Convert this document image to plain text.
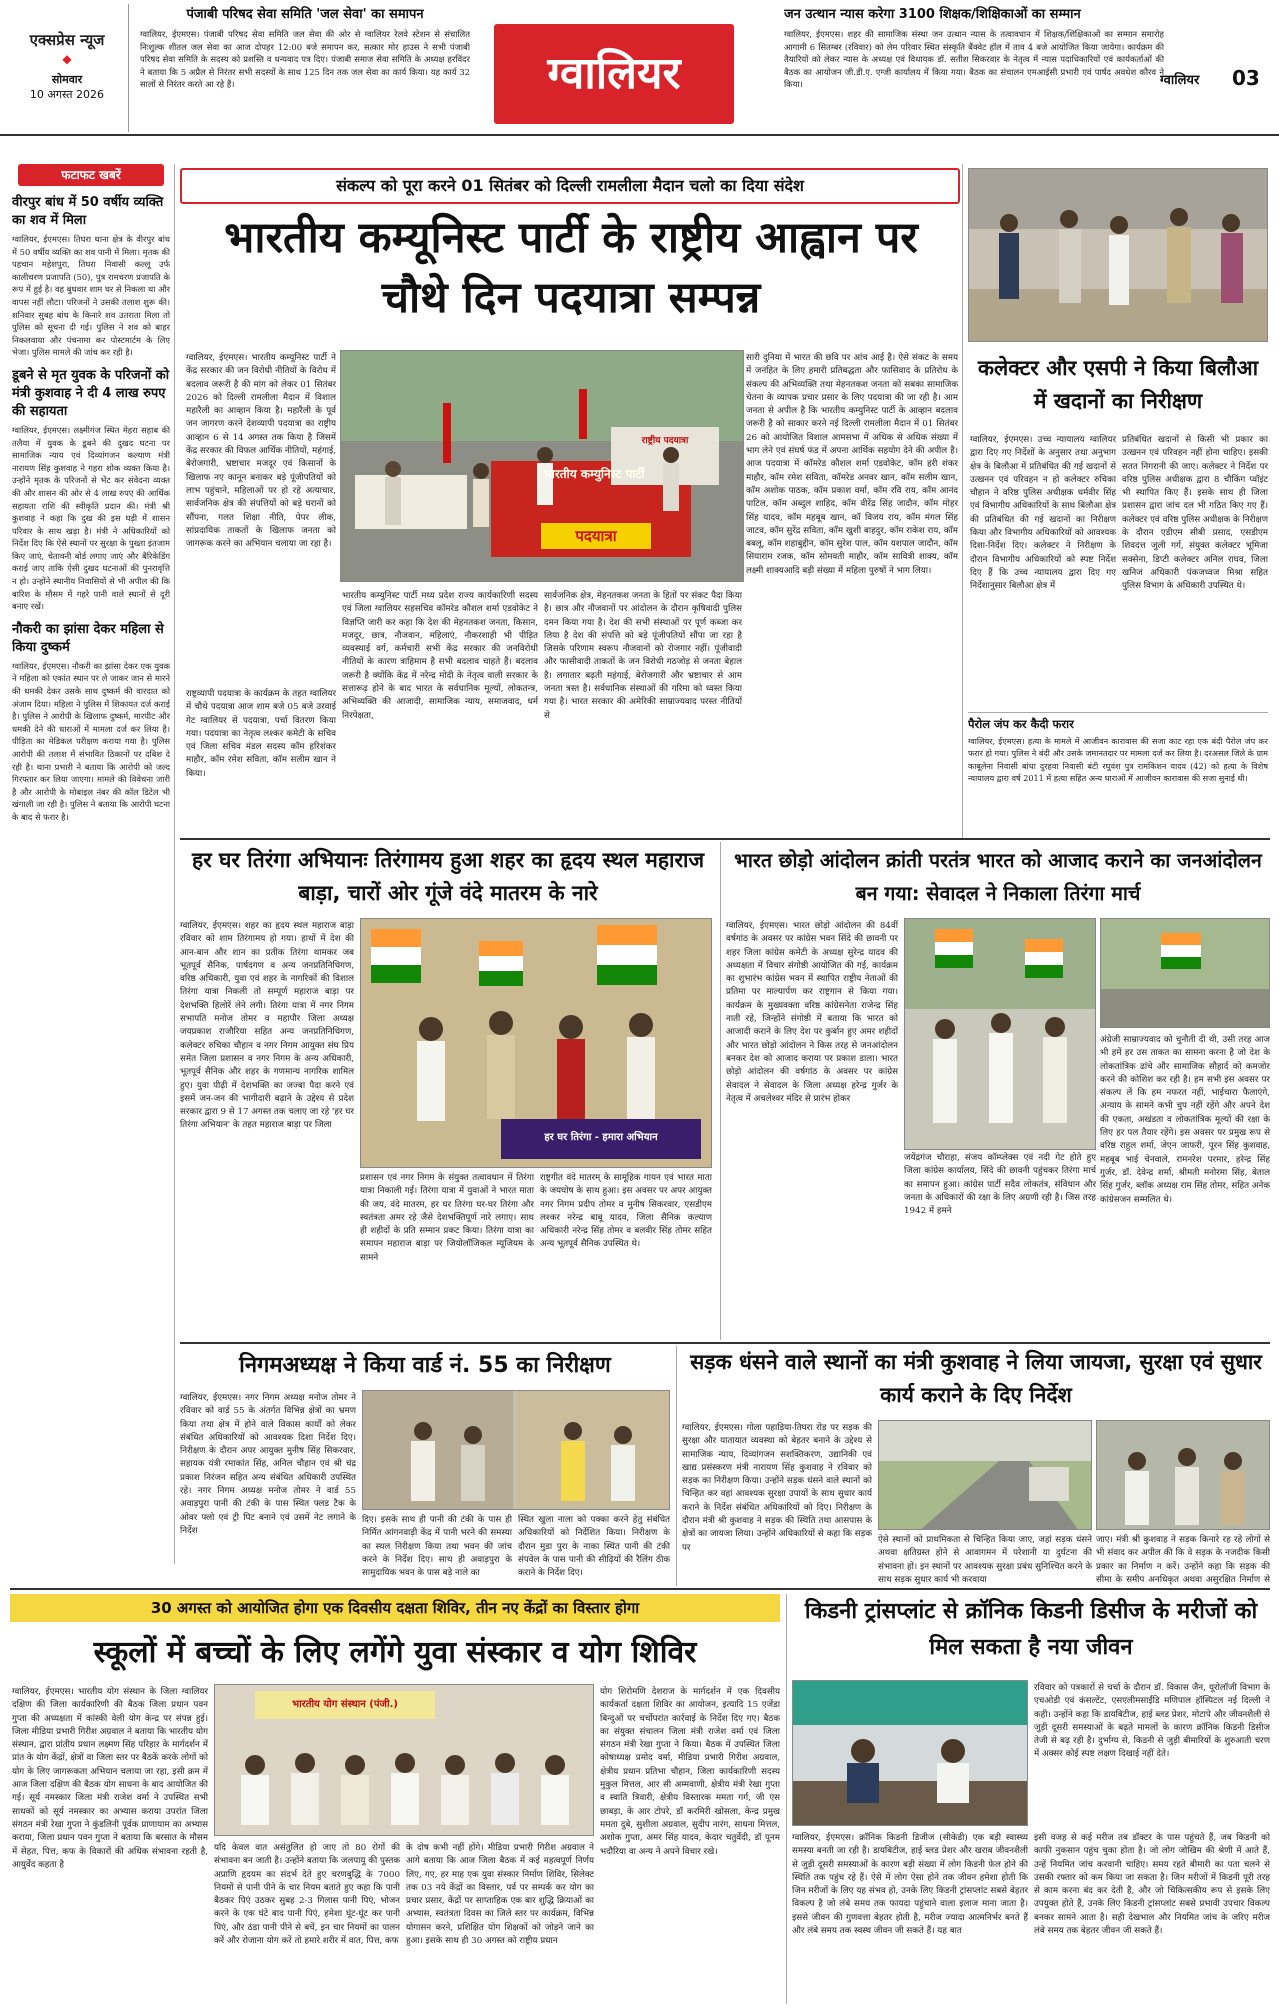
एक्सप्रेस न्यूज
◆
सोमवार
10 अगस्त 2026
पंजाबी परिषद सेवा समिति 'जल सेवा' का समापन
ग्वालियर, ईएमएस। पंजाबी परिषद सेवा समिति जल सेवा की ओर से ग्वालियर रेलवे स्टेशन से संचालित निःशुल्क शीतल जल सेवा का आज दोपहर 12:00 बजे समापन कर, सत्कार मोर हाउस ने सभी पंजाबी परिषद सेवा समिति के सदस्य को प्रशस्ति व धन्यवाद पत्र दिए। पंजाबी समाज सेवा समिति के अध्यक्ष हरविंदर ने बताया कि 5 अप्रैल से निरंतर सभी सदस्यों के साथ 125 दिन तक जल सेवा का कार्य किया। यह कार्य 32 सालों से निरंतर करते आ रहे हैं।	ग्वालियर
जन उत्थान न्यास करेगा 3100 शिक्षक/शिक्षिकाओं का सम्मान
ग्वालियर, ईएमएस। शहर की सामाजिक संस्था जन उत्थान न्यास के तत्वावधान में शिक्षक/शिक्षिकाओं का सम्मान समारोह आगामी 6 सितम्बर (रविवार) को लेम परिवार स्थित संस्कृति बैंक्वेट हॉल में ताव 4 बजे आयोजित किया जायेगा। कार्यक्रम की तैयारियों को लेकर न्यास के अध्यक्ष एवं विधायक डॉ. सतीश सिकरवार के नेतृत्व में न्यास पदाधिकारियों एवं कार्यकर्ताओं की बैठक का आयोजन जी.डी.ए. एग्जी कार्यालय में किया गया। बैठक का संचालन एमआईसी प्रभारी एवं पार्षद अवधेश कौरव ने किया।	ग्वालियर	03
फटाफट खबरें
वीरपुर बांध में 50 वर्षीय व्यक्ति का शव में मिला
ग्वालियर, ईएमएस। तिघरा थाना क्षेत्र के वीरपुर बांध में 50 वर्षीय व्यक्ति का शव पानी में मिला। मृतक की पहचान महेशपुरा, तिघरा निवासी कल्लू उर्फ कालीचरण प्रजापति (50), पुत्र रामचरण प्रजापति के रूप में हुई है। वह बुधवार शाम घर से निकला था और वापस नहीं लौटा। परिजनों ने उसकी तलाश शुरू की। शनिवार सुबह बांध के किनारे शव उतराता मिला तो पुलिस को सूचना दी गई। पुलिस ने शव को बाहर निकलवाया और पंचनामा कर पोस्टमार्टम के लिए भेजा। पुलिस मामले की जांच कर रही है।
डूबने से मृत युवक के परिजनों को मंत्री कुशवाह ने दी 4 लाख रुपए की सहायता
ग्वालियर, ईएमएस। लक्ष्मीगंज स्थित मेहरा सहाब की तलैया में युवक के डूबने की दुखद घटना पर सामाजिक न्याय एवं दिव्यांगजन कल्याण मंत्री नारायण सिंह कुशवाह ने गहरा शोक व्यक्त किया है। उन्होंने मृतक के परिजनों से भेंट कर संवेदना व्यक्त की और शासन की ओर से 4 लाख रुपए की आर्थिक सहायता राशि की स्वीकृति प्रदान की। मंत्री श्री कुशवाह ने कहा कि दुख की इस घड़ी में शासन परिवार के साथ खड़ा है। मंत्री ने अधिकारियों को निर्देश दिए कि ऐसे स्थानों पर सुरक्षा के पुख्ता इंतजाम किए जाएं, चेतावनी बोर्ड लगाए जाएं और बैरिकेडिंग कराई जाए ताकि ऐसी दुखद घटनाओं की पुनरावृत्ति न हो। उन्होंने स्थानीय निवासियों से भी अपील की कि बारिश के मौसम में गहरे पानी वाले स्थानों से दूरी बनाए रखें।
नौकरी का झांसा देकर महिला से किया दुष्कर्म
ग्वालियर, ईएमएस। नौकरी का झांसा देकर एक युवक ने महिला को एकांत स्थान पर ले जाकर जान से मारने की धमकी देकर उसके साथ दुष्कर्म की वारदात को अंजाम दिया। महिला ने पुलिस में शिकायत दर्ज कराई है। पुलिस ने आरोपी के खिलाफ दुष्कर्म, मारपीट और धमकी देने की धाराओं में मामला दर्ज कर लिया है। पीड़िता का मेडिकल परीक्षण कराया गया है। पुलिस आरोपी की तलाश में संभावित ठिकानों पर दबिश दे रही है। थाना प्रभारी ने बताया कि आरोपी को जल्द गिरफ्तार कर लिया जाएगा। मामले की विवेचना जारी है और आरोपी के मोबाइल नंबर की कॉल डिटेल भी खंगाली जा रही है। पुलिस ने बताया कि आरोपी घटना के बाद से फरार है।
संकल्प को पूरा करने 01 सितंबर को दिल्ली रामलीला मैदान चलो का दिया संदेश
भारतीय कम्यूनिस्ट पार्टी के राष्ट्रीय आह्वान पर चौथे दिन पदयात्रा सम्पन्न
ग्वालियर, ईएमएस। भारतीय कम्यूनिस्ट पार्टी ने केंद्र सरकार की जन विरोधी नीतियों के विरोध में बदलाव जरूरी है की मांग को लेकर 01 सितंबर 2026 को दिल्ली रामलीला मैदान में विशाल महारैली का आव्हान किया है। महारैली के पूर्व जन जागरण करने देशव्यापी पदयात्रा का राष्ट्रीय आव्हान 6 से 14 अगस्त तक किया है जिसमें केंद्र सरकार की विफल आर्थिक नीतियों, महंगाई, बेरोजगारी, भ्रष्टाचार मजदूर एवं किसानों के खिलाफ नए कानून बनाकर बड़े पूंजीपतियों को लाभ पहुंचाने, महिलाओं पर हो रहे अत्याचार, सार्वजनिक क्षेत्र की संपत्तियों को बड़े घरानों को सौंपना, गलत शिक्षा नीति, पेपर लीक, सांप्रदायिक ताकतों के खिलाफ जनता को जागरूक करने का अभियान चलाया जा रहा है।
भारतीय कम्युनिस्ट पार्टी
पदयात्रा
राष्ट्रीय पदयात्रा
सारी दुनिया में भारत की छवि पर आंच आई है। ऐसे संकट के समय में जनहित के लिए हमारी प्रतिबद्धता और फासिवाद के प्रतिरोध के संकल्प की अभिव्यक्ति तथा मेहनतकश जनता को सबका सामाजिक चेतना के व्यापक प्रचार प्रसार के लिए पदयात्रा की जा रही है। आम जनता से अपील है कि भारतीय कम्युनिस्ट पार्टी के आव्हान बदलाव जरूरी है को साकार करने नई दिल्ली रामलीला मैदान में 01 सितंबर 26 को आयोजित विशाल आमसभा में अधिक से अधिक संख्या में भाग लेने एवं संघर्ष फंड में अपना आर्थिक सहयोग देने की अपील है। आज पदयात्रा में कॉमरेड कौशल शर्मा एडवोकेट, कॉम हरी शंकर माहौर, कॉम रमेश सविता, कॉमरेड अनवर खान, कॉम सलीम खान, कॉम अशोक पाठक, कॉम प्रकाश वर्मा, कॉम रवि राय, कॉम आनंद पाटिल, कॉम अब्दुल शाहिद, कॉम वीरेंद्र सिंह जादौन, कॉम मोहर सिंह यादव, कॉम महबूब खान, कॉ विजय राय, कॉम मंगल सिंह जाटव, कॉम सुरेंद्र सविता, कॉम खुशी बाहदुर, कॉम राकेश राय, कॉम बबलू, कॉम शहाबुद्दीन, कॉम सुरेश पाल, कॉम यशपाल जादौन, कॉम सियाराम रजक, कॉम सोमवती माहौर, कॉम सावित्री शाक्य, कॉम लक्ष्मी शाक्यआदि बड़ी संख्या में महिला पुरुषों ने भाग लिया।
राष्ट्रव्यापी पदयात्रा के कार्यक्रम के तहत ग्वालियर में चौथे पदयात्रा आज शाम बजे 05 बजे उरवाई गेट ग्वालियर से पदयात्रा, पर्चा वितरण किया गया। पदयात्रा का नेतृत्व लश्कर कमेटी के सचिव एवं जिला सचिव मंडल सदस्य कॉम हरिशंकर माहौर, कॉम रमेश सविता, कॉम सलीम खान ने किया।
भारतीय कम्युनिस्ट पार्टी मध्य प्रदेश राज्य कार्यकारिणी सदस्य एवं जिला ग्वालियर सहसचिव कॉमरेड कौशल शर्मा एडवोकेट ने विज्ञप्ति जारी कर कहा कि देश की मेहनतकश जनता, किसान, मजदूर, छात्र, नौजवान, महिलाएं, नौकरशाही भी पीड़ित व्यवस्थाई वर्ग, कर्मचारी सभी केंद्र सरकार की जनविरोधी नीतियों के कारण त्राहिमाम है सभी बदलाव चाहते हैं। बदलाव जरूरी है क्योंकि केंद्र में नरेन्द्र मोदी के नेतृत्व वाली सरकार के सत्तारूढ़ होने के बाद भारत के सर्वधानिक मूल्यों, लोकतन्त्र, अभिव्यक्ति की आजादी, सामाजिक न्याय, समाजवाद, धर्म निरपेक्षता,
सार्वजनिक क्षेत्र, मेहनतकश जनता के हितों पर संकट पैदा किया है। छात्र और नौजवानों पर आंदोलन के दौरान कृषिवादी पुलिस दमन किया गया है। देश की सभी संस्थाओं पर पूर्ण कब्जा कर लिया है देश की संपत्ति को बड़े पूंजीपतियों सौंपा जा रहा है जिसके परिणाम स्वरूप नौजवानों को रोजगार नहीं। पूंजीवादी और फासीवादी ताकतों के जन विरोधी गठजोड़ से जनता बेहाल है। लगातार बढ़ती महंगाई, बेरोजगारी और भ्रष्टाचार से आम जनता त्रस्त है। सर्वधानिक संस्थाओं की गरिमा को ध्वस्त किया गया है। भारत सरकार की अमेरिकी साम्राज्यवाद परस्त नीतियों से
कलेक्टर और एसपी ने किया बिलौआ में खदानों का निरीक्षण
ग्वालियर, ईएमएस। उच्च न्यायालय ग्वालियर द्वारा दिए गए निर्देशों के अनुसार तथा अनुभाग क्षेत्र के बिलौआ में प्रतिबंधित की गई खदानों से उत्खनन एवं परिवहन न हो कलेक्टर रुचिका चौहान ने वरिष्ठ पुलिस अधीक्षक धर्मवीर सिंह एवं विभागीय अधिकारियों के साथ बिलौआ क्षेत्र की प्रतिबंधित की गई खदानों का निरीक्षण किया और विभागीय अधिकारियों को आवश्यक दिशा-निर्देश दिए। कलेक्टर ने निरीक्षण के दौरान विभागीय अधिकारियों को स्पष्ट निर्देश दिए हैं कि उच्च न्यायालय द्वारा दिए गए निर्देशानुसार बिलौआ क्षेत्र में
प्रतिबंधित खदानों से किसी भी प्रकार का उत्खनन एवं परिवहन नहीं होना चाहिए। इसकी सतत निगरानी की जाए। कलेक्टर ने निर्देश पर वरिष्ठ पुलिस अधीक्षक द्वारा 8 चौकिंग प्वॉइंट भी स्थापित किए हैं। इसके साथ ही जिला प्रशासन द्वारा जांच दल भी गठित किए गए हैं। कलेक्टर एवं वरिष्ठ पुलिस अधीक्षक के निरीक्षण के दौरान एडीएम सीबी प्रसाद, एसडीएम शिवदत्त जुली गर्ग, संयुक्त कलेक्टर भूमिजा सक्सेना, डिप्टी कलेक्टर अनिल राघव, जिला खनिज अधिकारी पंकजध्वज मिश्रा सहित पुलिस विभाग के अधिकारी उपस्थित थे।
पैरोल जंप कर कैदी फरार
ग्वालियर, ईएमएस। हत्या के मामले में आजीवन कारावास की सजा काट रहा एक बंदी पैरोल जंप कर फरार हो गया। पुलिस ने बंदी और उसके जमानतदार पर मामला दर्ज कर लिया है। दरअसल जिले के ग्राम काबूलेना निवासी बांधा दुरहवा निवासी बंटी रघुवंश पुत्र रामकिशन यादव (42) को हत्या के विशेष न्यायालय द्वारा वर्ष 2011 में हत्या सहित अन्य धाराओं में आजीवन कारावास की सजा सुनाई थी।
हर घर तिरंगा अभियानः तिरंगामय हुआ शहर का हृदय स्थल महाराज बाड़ा, चारों ओर गूंजे वंदे मातरम के नारे
ग्वालियर, ईएमएस। शहर का हृदय स्थल महाराज बाड़ा रविवार को शाम तिरंगामय हो गया। हाथों में देश की आन-बान और शान का प्रतीक तिरंगा थामकर जब भूतपूर्व सैनिक, पार्षदगण व अन्य जनप्रतिनिधिगण, वरिष्ठ अधिकारी, युवा एवं शहर के नागरिकों की विशाल तिरंगा यात्रा निकली तो सम्पूर्ण महाराज बाड़ा पर देशभक्ति हिलोरें लेने लगी। तिरंगा यात्रा में नगर निगम सभापति मनोज तोमर व महापौर जिला अध्यक्ष जयप्रकाश राजौरिया सहित अन्य जनप्रतिनिधिगण, कलेक्टर रुचिका चौहान व नगर निगम आयुक्त संघ प्रिय समेत जिला प्रशासन व नगर निगम के अन्य अधिकारी, भूतपूर्व सैनिक और शहर के गणमान्य नागरिक शामिल हुए। युवा पीढ़ी में देशभक्ति का जज्बा पैदा करने एवं इसमें जन-जन की भागीदारी बढ़ाने के उद्देश्य से प्रदेश सरकार द्वारा 9 से 17 अगस्त तक चलाए जा रहे 'हर घर तिरंगा अभियान' के तहत महाराज बाड़ा पर जिला
हर घर तिरंगा - हमारा अभियान
प्रशासन एवं नगर निगम के संयुक्त तत्वावधान में तिरंगा यात्रा निकाली गई। तिरंगा यात्रा में युवाओं ने भारत माता की जय, वंदे मातरम, हर घर तिरंगा घर-घर तिरंगा और स्वतंत्रता अमर रहे जैसे देशभक्तिपूर्ण नारे लगाए। साथ ही शहीदों के प्रति सम्मान प्रकट किया। तिरंगा यात्रा का समापन महाराज बाड़ा पर जियोलॉजिकल म्यूजियम के सामने
राष्ट्रगीत वंदे मातरम् के सामूहिक गायन एवं भारत माता के जयघोष के साथ हुआ। इस अवसर पर अपर आयुक्त नगर निगम प्रदीप तोमर व मुनीष सिकरवार, एसडीएम लश्कर नरेन्द्र बाबू यादव, जिला सैनिक कल्याण अधिकारी नरेन्द्र सिंह तोमर व बलवीर सिंह तोमर सहित अन्य भूतपूर्व सैनिक उपस्थित थे।
भारत छोड़ो आंदोलन क्रांती परतंत्र भारत को आजाद कराने का जनआंदोलन बन गया: सेवादल ने निकाला तिरंगा मार्च
ग्वालियर, ईएमएस। भारत छोड़ो आंदोलन की 84वीं वर्षगांठ के अवसर पर कांग्रेस भवन सिंदे की छावनी पर शहर जिला कांग्रेस कमेटी के अध्यक्ष सुरेन्द्र यादव की अध्यक्षता में विचार संगोष्ठी आयोजित की गई, कार्यक्रम का शुभारंभ कांग्रेस भवन में स्थापित राष्ट्रीय नेताओं की प्रतिमा पर माल्यार्पण कर राष्ट्रगान से किया गया। कार्यक्रम के मुख्यवक्ता वरिष्ठ कांग्रेसनेता राजेन्द्र सिंह नाती रहे, जिन्होंने संगोष्ठी में बताया कि भारत को आजादी कराने के लिए देश पर कुर्बान हुए अमर शहीदों और भारत छोड़ो आंदोलन ने किस तरह से जनआंदोलन बनकर देश को आजाद कराया पर प्रकाश डाला। भारत छोड़ो आंदोलन की वर्षगांठ के अवसर पर कांग्रेस सेवादल ने सेवादल के जिला अध्यक्ष हरेन्द्र गुर्जर के नेतृत्व में अचलेश्वर मंदिर से प्रारंभ होकर
जयेंद्रगंज चौराहा, संजय कॉम्प्लेक्स एवं नदी गेट होते हुए जिला कांग्रेस कार्यालय, सिंदे की छावनी पहुंचकर तिरंगा मार्च का समापन हुआ। कांग्रेस पार्टी सदैव लोकतंत्र, संविधान और जनता के अधिकारों की रक्षा के लिए अग्रणी रही है। जिस तरह 1942 में हमने
अंग्रेजी साम्राज्यवाद को चुनौती दी थी, उसी तरह आज भी हमें हर उस ताकत का सामना करना है जो देश के लोकतांत्रिक ढांचे और सामाजिक सौहार्द को कमजोर करने की कोशिश कर रही है। हम सभी इस अवसर पर संकल्प लें कि हम नफरत नहीं, भाईचारा फैलाएंगे, अन्याय के सामने कभी चुप नहीं रहेंगे और अपने देश की एकता, अखंडता व लोकतांत्रिक मूल्यों की रक्षा के लिए हर पल तैयार रहेंगे। इस अवसर पर प्रमुख रूप से वरिष्ठ राहुल शर्मा, जेएन जाफरी, पूरन सिंह कुशवाह, महबूब भाई चेनवाले, रामनरेश परमार, हरेन्द्र सिंह गुर्जर, डॉ. देवेन्द्र शर्मा, श्रीमती मनोरमा सिंह, बेताल सिंह गुर्जर, ब्लॉक अध्यक्ष राम सिंह तोमर, सहित अनेक कांग्रेसजन सम्मलित थे।
निगमअध्यक्ष ने किया वार्ड नं. 55 का निरीक्षण
ग्वालियर, ईएमएस। नगर निगम अध्यक्ष मनोज तोमर ने रविवार को वार्ड 55 के अंतर्गत विभिन्न क्षेत्रों का भ्रमण किया तथा क्षेत्र में होने वाले विकास कार्यों को लेकर संबंधित अधिकारियों को आवश्यक दिशा निर्देश दिए। निरीक्षण के दौरान अपर आयुक्त मुनीष सिंह सिकरवार, सहायक यंत्री रमाकांत सिंह, अनिल चौहान एवं श्री चंद्र प्रकाश निरंजन सहित अन्य संबंधित अधिकारी उपस्थित रहे। नगर निगम अध्यक्ष मनोज तोमर ने वार्ड 55 अवाड़पुरा पानी की टंकी के पास स्थित फ्लड टैक के ओवर फ्लो एवं ट्री पिट बनाने एवं उसमें नेट लगाने के निर्देश
दिए। इसके साथ ही पानी की टंकी के पास ही निर्मित आंगनवाड़ी केंद्र में पानी भरने की समस्या का स्थल निरीक्षण किया तथा भवन की जांच करने के निर्देश दिए। साथ ही अवाड़पुरा के सामुदायिक भवन के पास बड़े नाले का
स्थित खुला नाला को पक्का करने हेतु संबंधित अधिकारियों को निर्देशित किया। निरीक्षण के दौरान मुडा पुरा के नाका स्थित पानी की टंकी संपवेल के पास पानी की सीढ़ियों की रैलिंग ठीक कराने के निर्देश दिए।
सड़क धंसने वाले स्थानों का मंत्री कुशवाह ने लिया जायजा, सुरक्षा एवं सुधार कार्य कराने के दिए निर्देश
ग्वालियर, ईएमएस। गोला पहाड़िया-तिघरा रोड पर सड़क की सुरक्षा और यातायात व्यवस्था को बेहतर बनाने के उद्देश्य से सामाजिक न्याय, दिव्यांगजन सशक्तिकरण, उद्यानिकी एवं खाद्य प्रसंस्करण मंत्री नारायण सिंह कुशवाह ने रविवार को सड़क का निरीक्षण किया। उन्होंने सड़क धंसने वाले स्थानों को चिन्हित कर वहां आवश्यक सुरक्षा उपायों के साथ सुधार कार्य कराने के निर्देश संबंधित अधिकारियों को दिए। निरीक्षण के दौरान मंत्री श्री कुशवाह ने सड़क की स्थिति तथा आसपास के क्षेत्रों का जायजा लिया। उन्होंने अधिकारियों से कहा कि सड़क पर
ऐसे स्थानों को प्राथमिकता से चिन्हित किया जाए, जहां सड़क धंसने अथवा क्षतिग्रस्त होने से आवागमन में परेशानी या दुर्घटना की संभावना हो। इन स्थानों पर आवश्यक सुरक्षा प्रबंध सुनिश्चित करने के साथ सड़क सुधार कार्य भी करवाया
जाए। मंत्री श्री कुशवाह ने सड़क किनारे रह रहे लोगों से भी संवाद कर अपील की कि वे सड़क के नजदीक किसी प्रकार का निर्माण न करें। उन्होंने कहा कि सड़क की सीमा के समीप अनधिकृत अथवा असुरक्षित निर्माण से
30 अगस्त को आयोजित होगा एक दिवसीय दक्षता शिविर, तीन नए केंद्रों का विस्तार होगा
स्कूलों में बच्चों के लिए लगेंगे युवा संस्कार व योग शिविर
ग्वालियर, ईएमएस। भारतीय योग संस्थान के जिला ग्वालियर दक्षिण की जिला कार्यकारिणी की बैठक जिला प्रधान पवन गुप्ता की अध्यक्षता में कांस्की वेली योग केन्द्र पर संपन्न हुई। जिला मीडिया प्रभारी गिरीश अग्रवाल ने बताया कि भारतीय योग संस्थान, द्वारा प्रांतीय प्रधान लक्ष्मण सिंह परिहार के मार्गदर्शन में प्रांत के योग केंद्रों, क्षेत्रों वा जिला स्तर पर बैठकें करके लोगों को योग के लिए जागरूकता अभियान चलाया जा रहा, इसी क्रम में आज जिला दक्षिण की बैठक योग साधना के बाद आयोजित की गई। सूर्य नमस्कार जिला मंत्री राजेश वर्मा ने उपस्थित सभी साधकों को सूर्य नमस्कार का अभ्यास कराया उपरांत जिला संगठन मंत्री रेखा गुप्ता ने कुंडलिनी पूर्वक प्राणायाम का अभ्यास कराया, जिला प्रधान पवन गुप्ता ने बताया कि बरसात के मौसम में सेहत, पित्त, कफ के विकारों की अधिक संभावना रहती है, आयुर्वेद कहता है
भारतीय योग संस्थान (पंजी.)
यदि केवल वात असंतुलित हो जाए तो 80 रोगों की संभावना बन जाती है। उन्होंने बताया कि जलपायु की पुस्तक अप्राणि हृदयम का संदर्भ देते हुए चरणबुद्धि के 7000 नियमों से पानी पीने के चार नियम बताते हुए कहा कि पानी बैठकर पिएं उठकर सुबह 2-3 गिलास पानी पिएं, भोजन करने के एक घंटे बाद पानी पिएं, हमेशा घूंट-घूंट कर पानी पिएं, और ठंडा पानी पीने से बचें, इन चार नियमों का पालन करें और रोजाना योग करें तो हमारे शरीर में वात, पित्त, कफ
के दोष कभी नहीं होंगे। मीडिया प्रभारी गिरीश अग्रवाल ने आगे बताया कि आज जिला बैठक में कई महत्वपूर्ण निर्णय लिए, गए, हर माह एक युवा संस्कार निर्माण शिविर, सिलेक्ट तक 03 नये केंद्रों का विस्तार, पर्व पर सम्पर्क कर योग का प्रचार प्रसार, केंद्रों पर साप्ताहिक एक बार शुद्धि क्रियाओं का अभ्यास, स्वतंत्रता दिवस का जिले स्तर पर कार्यक्रम, विभिन्न योगासन करने, प्रशिक्षित योग शिक्षकों को जोड़ने जाने का हुआ। इसके साथ ही 30 अगस्त को राष्ट्रीय प्रधान
योग शिरोमणि देशराज के मार्गदर्शन में एक दिवसीय कार्यकर्ता दक्षता शिविर का आयोजन, इत्यादि 15 एजेंडा बिन्दुओं पर चर्चोपरांत कार्रवाई के निर्देश दिए गए। बैठक का संयुक्त संचालन जिला मंत्री राजेश वर्मा एवं जिला संगठन मंत्री रेखा गुप्ता ने किया। बैठक में उपस्थित जिला कोषाध्यक्ष प्रमोद वर्मा, मीडिया प्रभारी गिरीश अग्रवाल, क्षेत्रीय प्रधान प्रतिभा चौहान, जिला कार्यकारिणी सदस्य मुकुल मित्तल, आर सी अम्मवाणी, क्षेत्रीय मंत्री रेखा गुप्ता व स्वाति त्रिवारी, क्षेत्रीय विस्तारक ममता गर्ग, जी एस छाबड़ा, के आर टोपरे, डॉ करमिरी खोसला, केन्द्र प्रमुख ममता दुबे, सुशीला अग्रवाल, सुदीप नारंग, साधना मित्तल, अशोक गुप्ता, अमर सिंह यादव, केदार चतुर्वेदी, डॉ पूनम भदौरिया वा अन्य ने अपने विचार रखे।
किडनी ट्रांसप्लांट से क्रॉनिक किडनी डिसीज के मरीजों को मिल सकता है नया जीवन
रविवार को पत्रकारों से चर्चा के दौरान डॉ. विकास जैन, यूरोलॉजी विभाग के एचओडी एवं कंसल्टेंट, एसएलीमसाईंडि मणिपाल हॉस्पिटल नई दिल्ली ने कही। उन्होंने कहा कि डायबिटीज, हाई ब्लड प्रेशर, मोटापे और जीवनशैली से जुड़ी दूसरी समस्याओं के बढ़ते मामलों के कारण क्रॉनिक किडनी डिसीज तेजी से बढ़ रही है। दुर्भाग्य से, किडनी से जुड़ी बीमारियों के शुरुआती चरण में अक्सर कोई स्पष्ट लक्षण दिखाई नहीं देते।
ग्वालियर, ईएमएस। क्रॉनिक किडनी डिजीज (सीकेडी) एक बड़ी स्वास्थ्य समस्या बनती जा रही है। डायबिटीज, हाई ब्लड प्रेशर और खराब जीवनशैली से जुड़ी दूसरी समस्याओं के कारण बड़ी संख्या में लोग किडनी फेल होने की स्थिति तक पहुंच रहे हैं। ऐसे में लोग ऐसा होने तक जीवन हमेशा होती कि जिन मरीजों के लिए यह संभव हो, उनके लिए किडनी ट्रांसप्लांट सबसे बेहतर विकल्प है जो लंबे समय तक फायदा पहुंचाने वाला इलाज माना जाता है। इससे जीवन की गुणवत्ता बेहतर होती है, मरीज ज्यादा आत्मनिर्भर बनते हैं और लंबे समय तक स्वस्थ जीवन जी सकते हैं। यह बात
इसी वजह से कई मरीज तब डॉक्टर के पास पहुंचते हैं, जब किडनी को काफी नुकसान पहुंच चुका होता है। जो लोग जोखिम की श्रेणी में आते हैं, उन्हें नियमित जांच करवानी चाहिए। समय रहते बीमारी का पता चलने से उसकी रफ्तार को कम किया जा सकता है। जिन मरीजों में किडनी पूरी तरह से काम करना बंद कर देती है, और जो चिकित्सकीय रूप से इसके लिए उपयुक्त होते हैं, उनके लिए किडनी ट्रांसप्लांट सबसे प्रभावी उपचार विकल्प बनकर सामने आता है। सही देखभाल और नियमित जांच के जरिए मरीज लंबे समय तक बेहतर जीवन जी सकते हैं।
